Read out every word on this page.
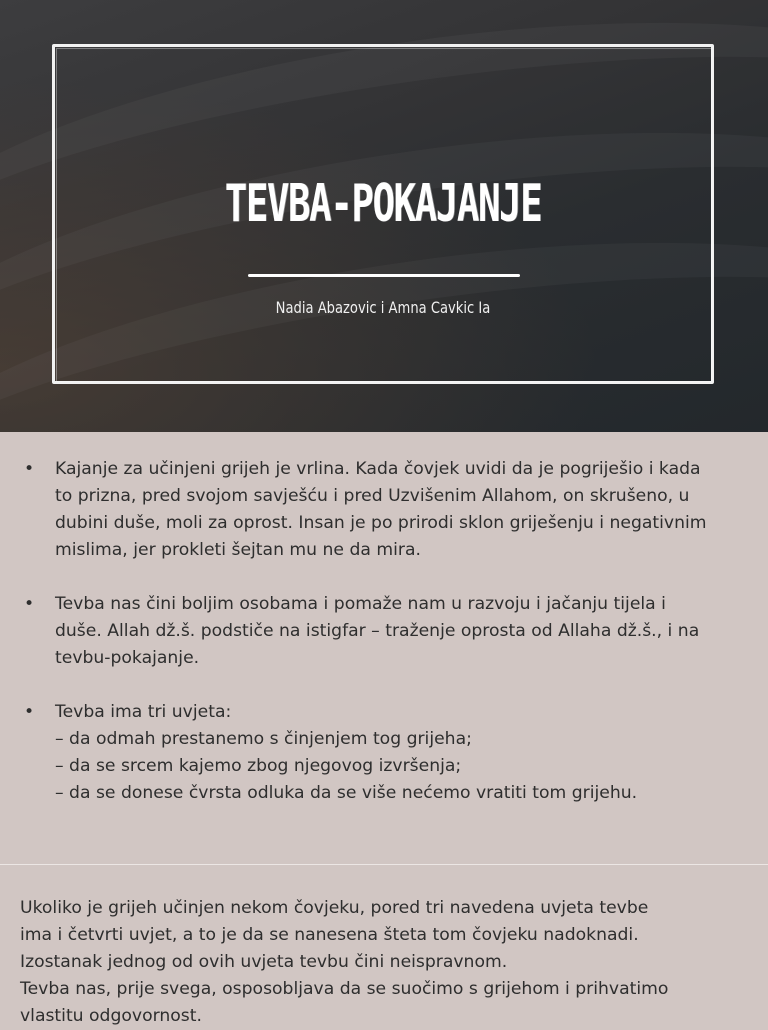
TEVBA-POKAJANJE
Nadia Abazovic i Amna Cavkic Ia
•	Kajanje za učinjeni grijeh je vrlina. Kada čovjek uvidi da je pogriješio i kada
to prizna, pred svojom savješću i pred Uzvišenim Allahom, on skrušeno, u
dubini duše, moli za oprost. Insan je po prirodi sklon griješenju i negativnim
mislima, jer prokleti šejtan mu ne da mira.
•	Tevba nas čini boljim osobama i pomaže nam u razvoju i jačanju tijela i
duše. Allah dž.š. podstiče na istigfar – traženje oprosta od Allaha dž.š., i na
tevbu-pokajanje.
•	Tevba ima tri uvjeta:
– da odmah prestanemo s činjenjem tog grijeha;
– da se srcem kajemo zbog njegovog izvršenja;
– da se donese čvrsta odluka da se više nećemo vratiti tom grijehu.
Ukoliko je grijeh učinjen nekom čovjeku, pored tri navedena uvjeta tevbe
ima i četvrti uvjet, a to je da se nanesena šteta tom čovjeku nadoknadi.
Izostanak jednog od ovih uvjeta tevbu čini neispravnom.
Tevba nas, prije svega, osposobljava da se suočimo s grijehom i prihvatimo
vlastitu odgovornost.
